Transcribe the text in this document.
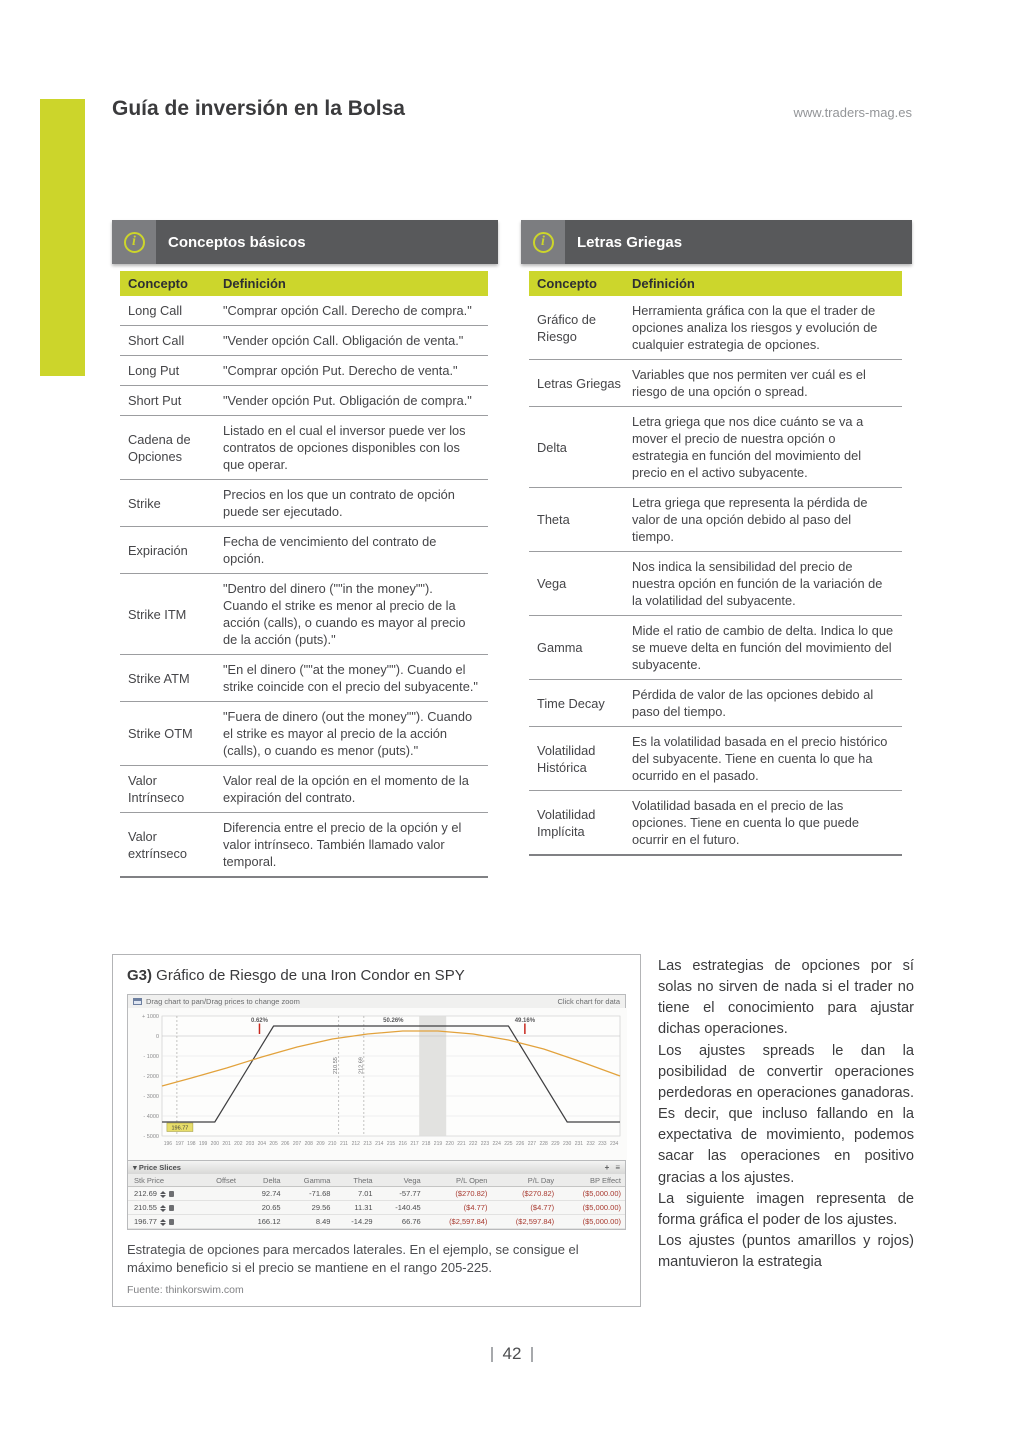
Guía de inversión en la Bolsa	www.traders-mag.es
i	Conceptos básicos
Concepto	Definición
Long Call	"Comprar opción Call. Derecho de compra."
Short Call	"Vender opción Call. Obligación de venta."
Long Put	"Comprar opción Put. Derecho de venta."
Short Put	"Vender opción Put. Obligación de compra."
Cadena de Opciones	Listado en el cual el inversor puede ver los contratos de opciones disponibles con los que operar.
Strike	Precios en los que un contrato de opción puede ser ejecutado.
Expiración	Fecha de vencimiento del contrato de opción.
Strike ITM	"Dentro del dinero (""in the money""). Cuando el strike es menor al precio de la acción (calls), o cuando es mayor al precio de la acción (puts)."
Strike ATM	"En el dinero (""at the money""). Cuando el strike coincide con el precio del subyacente."
Strike OTM	"Fuera de dinero (out the money""). Cuando el strike es mayor al precio de la acción (calls), o cuando es menor (puts)."
Valor Intrínseco	Valor real de la opción en el momento de la expiración del contrato.
Valor extrínseco	Diferencia entre el precio de la opción y el valor intrínseco. También llamado valor temporal.
i	Letras Griegas
Concepto	Definición
Gráfico de Riesgo	Herramienta gráfica con la que el trader de opciones analiza los riesgos y evolución de cualquier estrategia de opciones.
Letras Griegas	Variables que nos permiten ver cuál es el riesgo de una opción o spread.
Delta	Letra griega que nos dice cuánto se va a mover el precio de nuestra opción o estrategia en función del movimiento del precio en el activo subyacente.
Theta	Letra griega que representa la pérdida de valor de una opción debido al paso del tiempo.
Vega	Nos indica la sensibilidad del precio de nuestra opción en función de la variación de la volatilidad del subyacente.
Gamma	Mide el ratio de cambio de delta. Indica lo que se mueve delta en función del movimiento del subyacente.
Time Decay	Pérdida de valor de las opciones debido al paso del tiempo.
Volatilidad Histórica	Es la volatilidad basada en el precio histórico del subyacente. Tiene en cuenta lo que ha ocurrido en el pasado.
Volatilidad Implícita	Volatilidad basada en el precio de las opciones. Tiene en cuenta lo que puede ocurrir en el futuro.
G3) Gráfico de Riesgo de una Iron Condor en SPY
Drag chart to pan/Drag prices to change zoom	Click chart for data
+ 1000
0
- 1000
- 2000
- 3000
- 4000
- 5000
196 197 198 199 200 201 202 203 204 205 206 207 208 209 210 211 212 213 214 215 216 217 218 219 220 221 222 223 224 225 226 227 228 229 230 231 232 233 234
212.69
210.55
196.77
0.62%	50.26%	49.16%
▾ Price Slices	+ ≡
Stk Price	Offset	Delta	Gamma	Theta	Vega	P/L Open	P/L Day	BP Effect
212.69		92.74	-71.68	7.01	-57.77	($270.82)	($270.82)	($5,000.00)
210.55		20.65	29.56	11.31	-140.45	($4.77)	($4.77)	($5,000.00)
196.77		166.12	8.49	-14.29	66.76	($2,597.84)	($2,597.84)	($5,000.00)
Estrategia de opciones para mercados laterales. En el ejemplo, se consigue el máximo beneficio si el precio se mantiene en el rango 205-225.
Fuente: thinkorswim.com

Las estrategias de opciones por sí solas no sirven de nada si el trader no tiene el conocimiento para ajustar dichas operaciones.

Los ajustes spreads le dan la posibilidad de convertir operaciones perdedoras en operaciones ganadoras. Es decir, que incluso fallando en la expectativa de movimiento, podemos sacar las operaciones en positivo gracias a los ajustes.

La siguiente imagen representa de forma gráfica el poder de los ajustes.

Los ajustes (puntos amarillos y rojos) mantuvieron la estrategia

42
